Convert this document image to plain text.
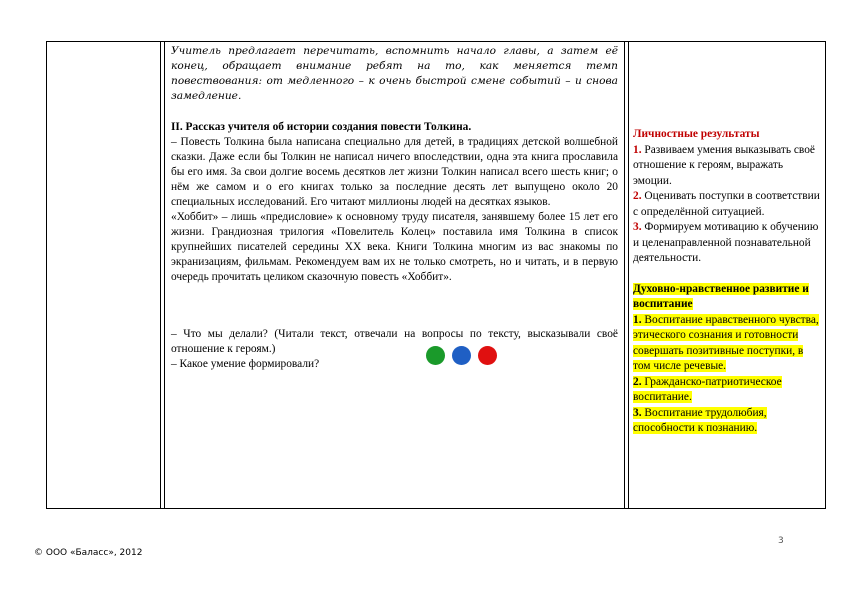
Учитель предлагает перечитать, вспомнить начало главы, а затем её конец, обращает внимание ребят на то, как меняется темп повествования: от медленного – к очень быстрой смене событий – и снова замедление.

II. Рассказ учителя об истории создания повести Толкина.

– Повесть Толкина была написана специально для детей, в традициях детской волшебной сказки. Даже если бы Толкин не написал ничего впоследствии, одна эта книга прославила бы его имя. За свои долгие восемь десятков лет жизни Толкин написал всего шесть книг; о нём же самом и о его книгах только за последние десять лет выпущено около 20 специальных исследований. Его читают миллионы людей на десятках языков.

«Хоббит» – лишь «предисловие» к основному труду писателя, занявшему более 15 лет его жизни. Грандиозная трилогия «Повелитель Колец» поставила имя Толкина в список крупнейших писателей середины XX века. Книги Толкина многим из вас знакомы по экранизациям, фильмам. Рекомендуем вам их не только смотреть, но и читать, и в первую очередь прочитать целиком сказочную повесть «Хоббит».

– Что мы делали? (Читали текст, отвечали на вопросы по тексту, высказывали своё отношение к героям.)

– Какое умение формировали?

Личностные результаты

1. Развиваем умения выказывать своё отношение к героям, выражать эмоции.

2. Оценивать поступки в соответствии с определённой ситуацией.

3. Формируем мотивацию к обучению и целенаправленной познавательной деятельности.

Духовно-нравственное развитие и воспитание

1. Воспитание нравственного чувства, этического сознания и готовности совершать позитивные поступки, в том числе речевые.

2. Гражданско-патриотическое воспитание.

3. Воспитание трудолюбия, способности к познанию.

3
© ООО «Баласс», 2012
